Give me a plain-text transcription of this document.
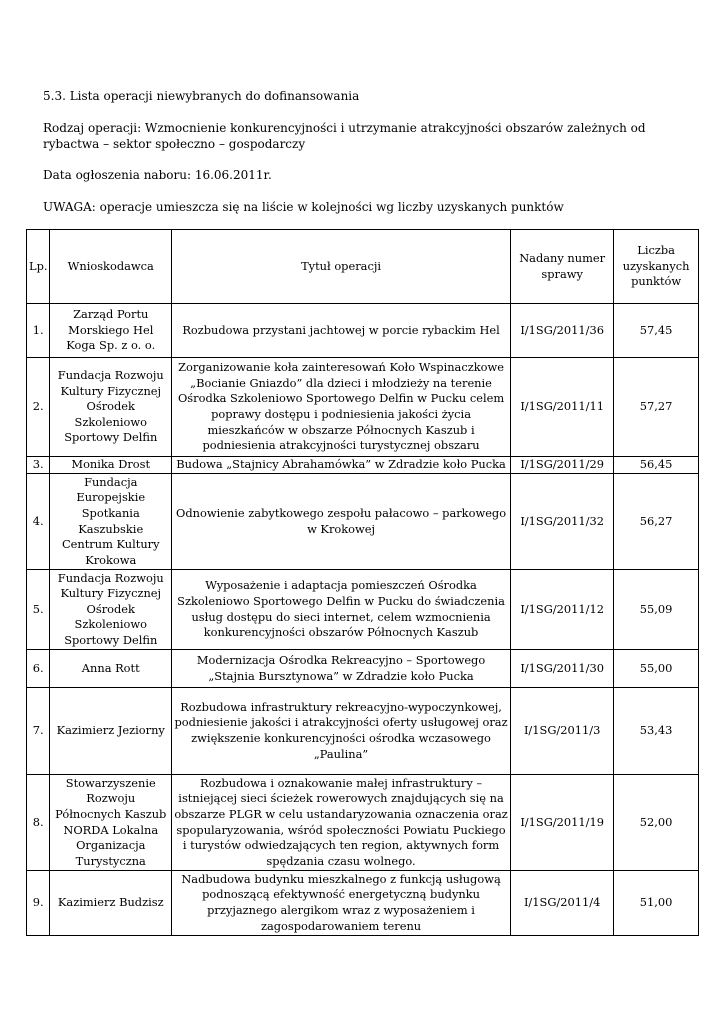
5.3. Lista operacji niewybranych do dofinansowania
Rodzaj operacji: Wzmocnienie konkurencyjności i utrzymanie atrakcyjności obszarów zależnych od rybactwa – sektor społeczno – gospodarczy
Data ogłoszenia naboru: 16.06.2011r.
UWAGA: operacje umieszcza się na liście w kolejności wg liczby uzyskanych punktów
Lp.	Wnioskodawca	Tytuł operacji	Nadany numer sprawy	Liczba uzyskanych punktów
1.	Zarząd Portu Morskiego Hel Koga Sp. z o. o.	Rozbudowa przystani jachtowej w porcie rybackim Hel	I/1SG/2011/36	57,45
2.	Fundacja Rozwoju Kultury Fizycznej Ośrodek Szkoleniowo Sportowy Delfin	Zorganizowanie koła zainteresowań Koło Wspinaczkowe „Bocianie Gniazdo” dla dzieci i młodzieży na terenie Ośrodka Szkoleniowo Sportowego Delfin w Pucku celem poprawy dostępu i podniesienia jakości życia mieszkańców w obszarze Północnych Kaszub i podniesienia atrakcyjności turystycznej obszaru	I/1SG/2011/11	57,27
3.	Monika Drost	Budowa „Stajnicy Abrahamówka” w Zdradzie koło Pucka	I/1SG/2011/29	56,45
4.	Fundacja Europejskie Spotkania Kaszubskie Centrum Kultury Krokowa	Odnowienie zabytkowego zespołu pałacowo – parkowego w Krokowej	I/1SG/2011/32	56,27
5.	Fundacja Rozwoju Kultury Fizycznej Ośrodek Szkoleniowo Sportowy Delfin	Wyposażenie i adaptacja pomieszczeń Ośrodka Szkoleniowo Sportowego Delfin w Pucku do świadczenia usług dostępu do sieci internet, celem wzmocnienia konkurencyjności obszarów Północnych Kaszub	I/1SG/2011/12	55,09
6.	Anna Rott	Modernizacja Ośrodka Rekreacyjno – Sportowego „Stajnia Bursztynowa” w Zdradzie koło Pucka	I/1SG/2011/30	55,00
7.	Kazimierz Jeziorny	Rozbudowa infrastruktury rekreacyjno-wypoczynkowej, podniesienie jakości i atrakcyjności oferty usługowej oraz zwiększenie konkurencyjności ośrodka wczasowego „Paulina”	I/1SG/2011/3	53,43
8.	Stowarzyszenie Rozwoju Północnych Kaszub NORDA Lokalna Organizacja Turystyczna	Rozbudowa i oznakowanie małej infrastruktury – istniejącej sieci ścieżek rowerowych znajdujących się na obszarze PLGR w celu ustandaryzowania oznaczenia oraz spopularyzowania, wśród społeczności Powiatu Puckiego i turystów odwiedzających ten region, aktywnych form spędzania czasu wolnego.	I/1SG/2011/19	52,00
9.	Kazimierz Budzisz	Nadbudowa budynku mieszkalnego z funkcją usługową podnoszącą efektywność energetyczną budynku przyjaznego alergikom wraz z wyposażeniem i zagospodarowaniem terenu	I/1SG/2011/4	51,00
